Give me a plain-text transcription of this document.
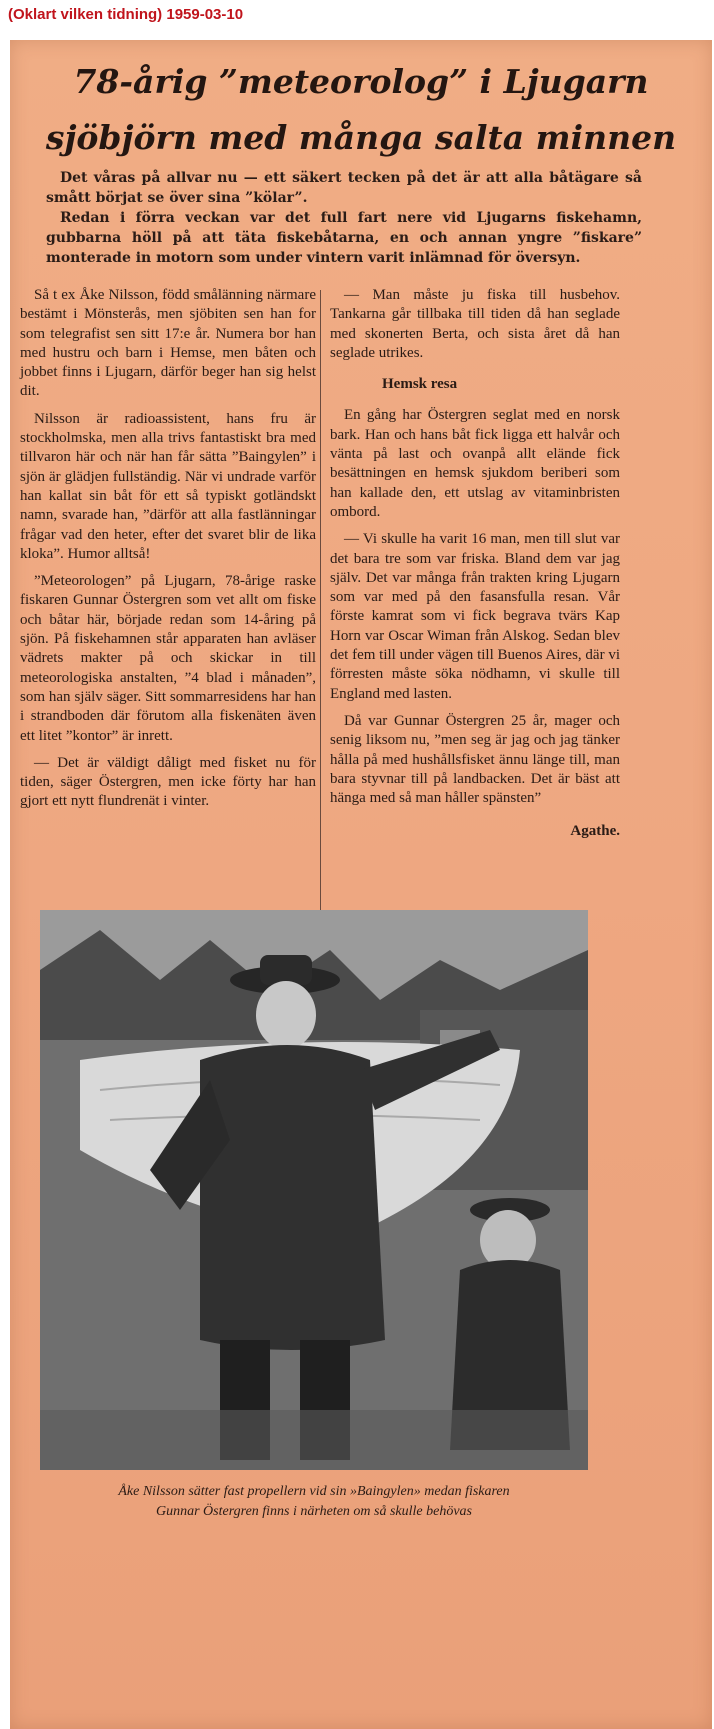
(Oklart vilken tidning) 1959-03-10
78-årig ”meteorolog” i Ljugarn
sjöbjörn med många salta minnen

Det våras på allvar nu — ett säkert tecken på det är att alla båtägare så smått börjat se över sina ”kölar”.

Redan i förra veckan var det full fart nere vid Ljugarns fiskehamn, gubbarna höll på att täta fiskebåtarna, en och annan yngre ”fiskare” monterade in motorn som under vintern varit inlämnad för översyn.

Så t ex Åke Nilsson, född smålänning närmare bestämt i Mönsterås, men sjöbiten sen han for som telegrafist sen sitt 17:e år. Numera bor han med hustru och barn i Hemse, men båten och jobbet finns i Ljugarn, därför beger han sig helst dit.

Nilsson är radioassistent, hans fru är stockholmska, men alla trivs fantastiskt bra med tillvaron här och när han får sätta ”Baingylen” i sjön är glädjen fullständig. När vi undrade varför han kallat sin båt för ett så typiskt gotländskt namn, svarade han, ”därför att alla fastlänningar frågar vad den heter, efter det svaret blir de lika kloka”. Humor alltså!

”Meteorologen” på Ljugarn, 78-årige raske fiskaren Gunnar Östergren som vet allt om fiske och båtar här, började redan som 14-åring på sjön. På fiskehamnen står apparaten han avläser vädrets makter på och skickar in till meteorologiska anstalten, ”4 blad i månaden”, som han själv säger. Sitt sommarresidens har han i strandboden där förutom alla fiskenäten även ett litet ”kontor” är inrett.

— Det är väldigt dåligt med fisket nu för tiden, säger Östergren, men icke förty har han gjort ett nytt flundrenät i vinter.

— Man måste ju fiska till husbehov. Tankarna går tillbaka till tiden då han seglade med skonerten Berta, och sista året då han seglade utrikes.

Hemsk resa

En gång har Östergren seglat med en norsk bark. Han och hans båt fick ligga ett halvår och vänta på last och ovanpå allt elände fick besättningen en hemsk sjukdom beriberi som han kallade den, ett utslag av vitaminbristen ombord.

— Vi skulle ha varit 16 man, men till slut var det bara tre som var friska. Bland dem var jag själv. Det var många från trakten kring Ljugarn som var med på den fasansfulla resan. Vår förste kamrat som vi fick begrava tvärs Kap Horn var Oscar Wiman från Alskog. Sedan blev det fem till under vägen till Buenos Aires, där vi förresten måste söka nödhamn, vi skulle till England med lasten.

Då var Gunnar Östergren 25 år, mager och senig liksom nu, ”men seg är jag och jag tänker hålla på med hushållsfisket ännu länge till, man bara styvnar till på landbacken. Det är bäst att hänga med så man håller spänsten”

Agathe.

Åke Nilsson sätter fast propellern vid sin »Baingylen» medan fiskaren
Gunnar Östergren finns i närheten om så skulle behövas
